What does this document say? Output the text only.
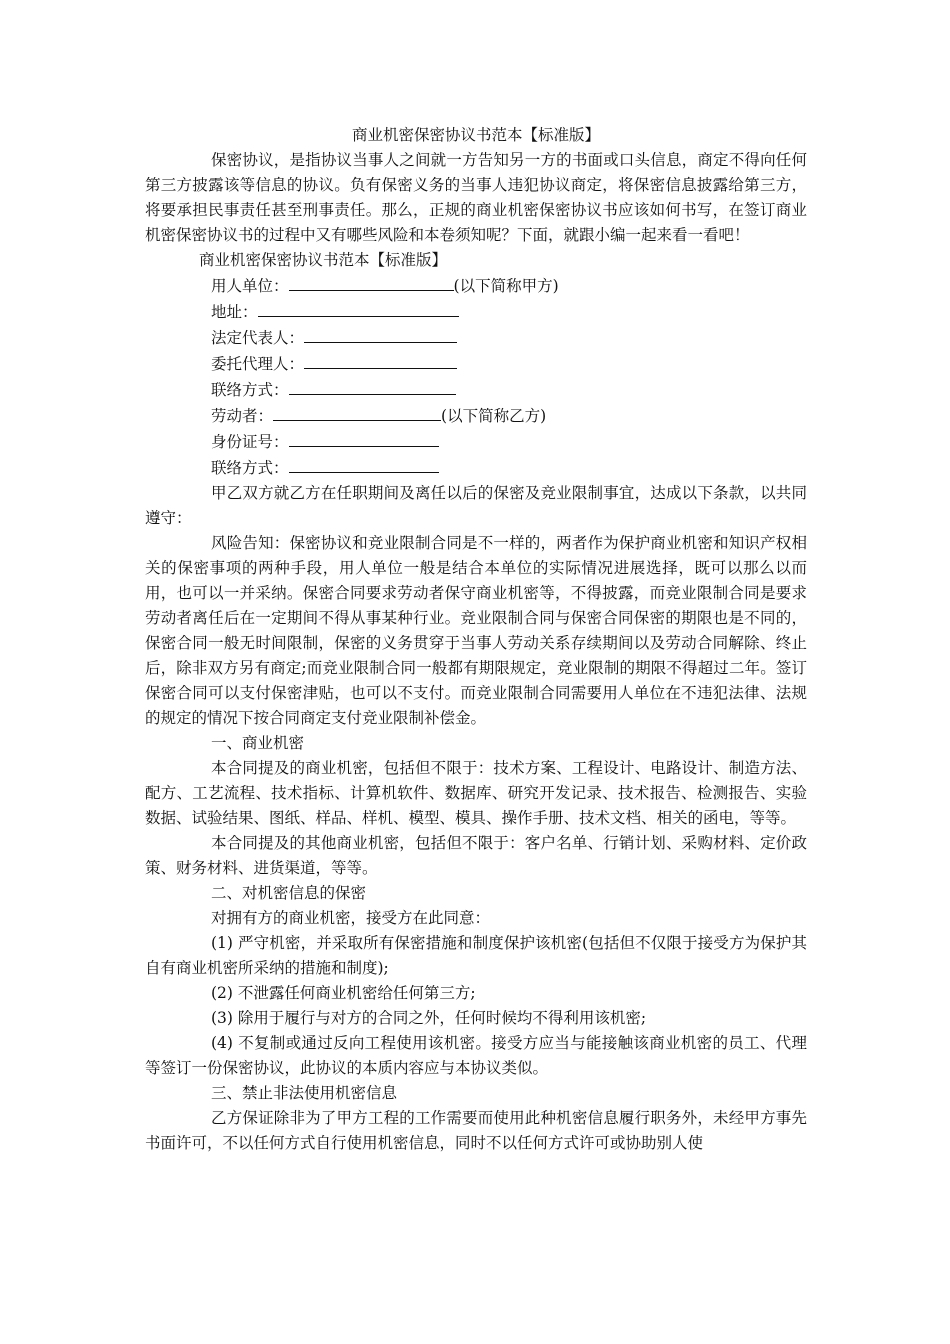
商业机密保密协议书范本【标准版】

保密协议，是指协议当事人之间就一方告知另一方的书面或口头信息，商定不得向任何第三方披露该等信息的协议。负有保密义务的当事人违犯协议商定，将保密信息披露给第三方，将要承担民事责任甚至刑事责任。那么，正规的商业机密保密协议书应该如何书写，在签订商业机密保密协议书的过程中又有哪些风险和本卷须知呢？下面，就跟小编一起来看一看吧！

商业机密保密协议书范本【标准版】

用人单位：	(以下简称甲方)

地址：

法定代表人：

委托代理人：

联络方式：

劳动者：	(以下简称乙方)

身份证号：

联络方式：

甲乙双方就乙方在任职期间及离任以后的保密及竞业限制事宜，达成以下条款，以共同遵守：

风险告知：保密协议和竞业限制合同是不一样的，两者作为保护商业机密和知识产权相关的保密事项的两种手段，用人单位一般是结合本单位的实际情况进展选择，既可以那么以而用，也可以一并采纳。保密合同要求劳动者保守商业机密等，不得披露，而竞业限制合同是要求劳动者离任后在一定期间不得从事某种行业。竞业限制合同与保密合同保密的期限也是不同的，保密合同一般无时间限制，保密的义务贯穿于当事人劳动关系存续期间以及劳动合同解除、终止后，除非双方另有商定;而竞业限制合同一般都有期限规定，竞业限制的期限不得超过二年。签订保密合同可以支付保密津贴，也可以不支付。而竞业限制合同需要用人单位在不违犯法律、法规的规定的情况下按合同商定支付竞业限制补偿金。

一、商业机密

本合同提及的商业机密，包括但不限于：技术方案、工程设计、电路设计、制造方法、配方、工艺流程、技术指标、计算机软件、数据库、研究开发记录、技术报告、检测报告、实验数据、试验结果、图纸、样品、样机、模型、模具、操作手册、技术文档、相关的函电，等等。

本合同提及的其他商业机密，包括但不限于：客户名单、行销计划、采购材料、定价政策、财务材料、进货渠道，等等。

二、对机密信息的保密

对拥有方的商业机密，接受方在此同意：

(1) 严守机密，并采取所有保密措施和制度保护该机密(包括但不仅限于接受方为保护其自有商业机密所采纳的措施和制度);

(2) 不泄露任何商业机密给任何第三方;

(3) 除用于履行与对方的合同之外，任何时候均不得利用该机密;

(4) 不复制或通过反向工程使用该机密。接受方应当与能接触该商业机密的员工、代理等签订一份保密协议，此协议的本质内容应与本协议类似。

三、禁止非法使用机密信息

乙方保证除非为了甲方工程的工作需要而使用此种机密信息履行职务外，未经甲方事先书面许可，不以任何方式自行使用机密信息，同时不以任何方式许可或协助别人使
